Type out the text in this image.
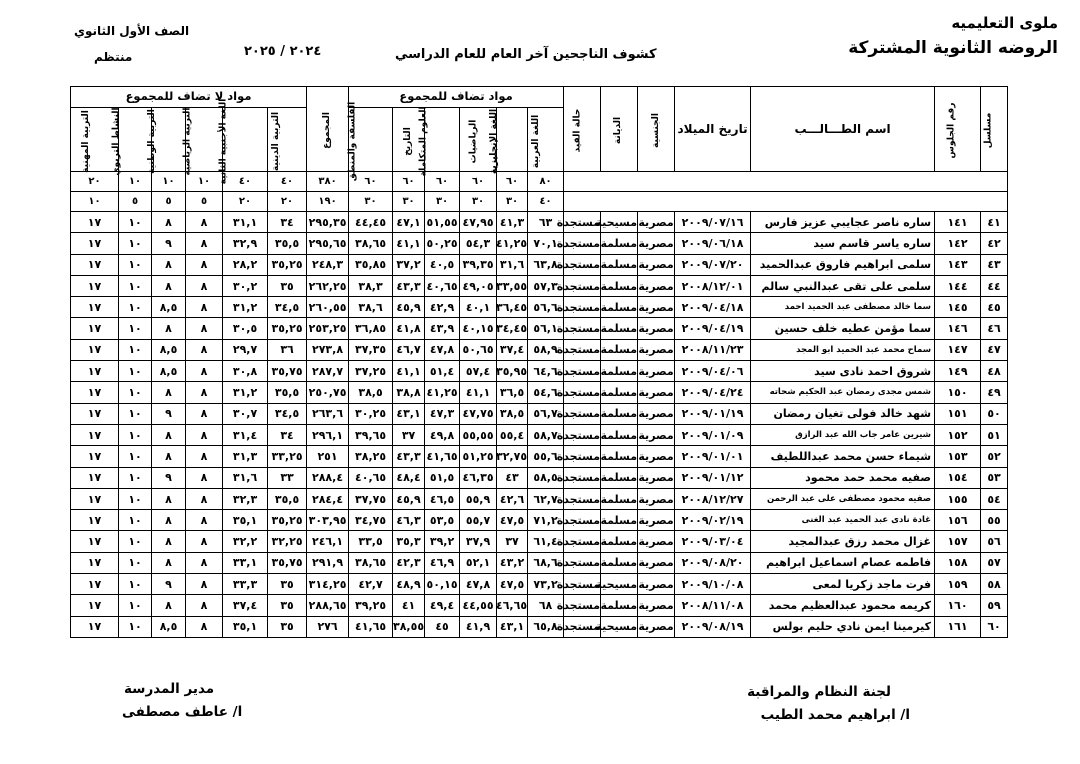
ملوى التعليميه
الروضه الثانوية المشتركة
كشوف الناجحين آخر العام للعام الدراسي
٢٠٢٤ / ٢٠٢٥
الصف الأول الثانوي
منتظم
مسلسل	رقم الجلوس	اسم الطـــالـــب	تاريخ الميلاد	الجنسية	الديانة	حالة القيد	مواد تضاف للمجموع						المجموع	مواد لا تضاف للمجموع					
							اللغة العربية	اللغة الإنجليزية	الرياضيات	العلوم المتكاملة	التاريخ	الفلسفة والمنطق		التربية الدينية	اللغة الأجنبية الثانية	التربية الرياضية	التربية الوطنية	النشاط التربوي	التربية المهنية
							٨٠	٦٠	٦٠	٦٠	٦٠	٦٠	٣٨٠	٤٠	٤٠	١٠	١٠	١٠	٢٠
							٤٠	٣٠	٣٠	٣٠	٣٠	٣٠	١٩٠	٢٠	٢٠	٥	٥	٥	١٠
٤١	١٤١	ساره ناصر عجايبي عزيز فارس	٢٠٠٩/٠٧/١٦	مصرية	مسيحية	مستجدة	٦٣	٤١,٣	٤٧,٩٥	٥١,٥٥	٤٧,١	٤٤,٤٥	٢٩٥,٣٥	٣٤	٣١,١	٨	٨	١٠	١٧
٤٢	١٤٢	ساره ياسر قاسم سيد	٢٠٠٩/٠٦/١٨	مصرية	مسلمة	مستجدة	٧٠,١	٤١,٢٥	٥٤,٣	٥٠,٢٥	٤١,١	٣٨,٦٥	٢٩٥,٦٥	٣٥,٥	٣٢,٩	٨	٩	١٠	١٧
٤٣	١٤٣	سلمى ابراهيم فاروق عبدالحميد	٢٠٠٩/٠٧/٢٠	مصرية	مسلمة	مستجدة	٦٣,٨	٣١,٦	٣٩,٣٥	٤٠,٥	٣٧,٢	٣٥,٨٥	٢٤٨,٣	٣٥,٢٥	٢٨,٢	٨	٨	١٠	١٧
٤٤	١٤٤	سلمى على تقى عبدالنبي سالم	٢٠٠٨/١٢/٠١	مصرية	مسلمة	مستجدة	٥٧,٣	٣٣,٥٥	٤٩,٠٥	٤٠,٦٥	٤٣,٣	٣٨,٣	٢٦٢,٢٥	٣٥	٣٠,٢	٨	٨	١٠	١٧
٤٥	١٤٥	سما خالد مصطفى عبد الحميد احمد	٢٠٠٩/٠٤/١٨	مصرية	مسلمة	مستجدة	٥٦,٦	٣٦,٤٥	٤٠,١	٤٢,٩	٤٥,٩	٣٨,٦	٢٦٠,٥٥	٣٤,٥	٣١,٢	٨	٨,٥	١٠	١٧
٤٦	١٤٦	سما مؤمن عطيه خلف حسين	٢٠٠٩/٠٤/١٩	مصرية	مسلمة	مستجدة	٥٦,١	٣٤,٤٥	٤٠,١٥	٤٣,٩	٤١,٨	٣٦,٨٥	٢٥٣,٢٥	٣٥,٢٥	٣٠,٥	٨	٨	١٠	١٧
٤٧	١٤٧	سماح محمد عبد الحميد ابو المجد	٢٠٠٨/١١/٢٣	مصرية	مسلمة	مستجدة	٥٨,٩	٣٧,٤	٥٠,٦٥	٤٧,٨	٤٦,٧	٣٧,٣٥	٢٧٣,٨	٣٦	٢٩,٧	٨	٨,٥	١٠	١٧
٤٨	١٤٩	شروق احمد نادى سيد	٢٠٠٩/٠٤/٠٦	مصرية	مسلمة	مستجدة	٦٤,٦	٣٥,٩٥	٥٧,٤	٥١,٤	٤١,١	٣٧,٢٥	٢٨٧,٧	٣٥,٧٥	٣٠,٨	٨	٨,٥	١٠	١٧
٤٩	١٥٠	شمس مجدى رمضان عبد الحكيم شحاته	٢٠٠٩/٠٤/٢٤	مصرية	مسلمة	مستجدة	٥٤,٦	٣٦,٥	٤١,١	٤١,٢٥	٣٨,٨	٣٨,٥	٢٥٠,٧٥	٣٥,٥	٣١,٢	٨	٨	١٠	١٧
٥٠	١٥١	شهد خالد فولى تغيان رمضان	٢٠٠٩/٠١/١٩	مصرية	مسلمة	مستجدة	٥٦,٧	٣٨,٥	٤٧,٧٥	٤٧,٣	٤٣,١	٣٠,٢٥	٢٦٣,٦	٣٤,٥	٣٠,٧	٨	٩	١٠	١٧
٥١	١٥٢	شيرين عامر جاب الله عبد الرازق	٢٠٠٩/٠١/٠٩	مصرية	مسلمة	مستجدة	٥٨,٧	٥٥,٤	٥٥,٥٥	٤٩,٨	٣٧	٣٩,٦٥	٢٩٦,١	٣٤	٣١,٤	٨	٨	١٠	١٧
٥٢	١٥٣	شيماء حسن محمد عبداللطيف	٢٠٠٩/٠١/٠١	مصرية	مسلمة	مستجدة	٥٥,٦	٣٢,٧٥	٥١,٢٥	٤١,٦٥	٤٣,٣	٣٨,٢٥	٢٥١	٣٣,٢٥	٣١,٣	٨	٨	١٠	١٧
٥٣	١٥٤	صفيه محمد حمد محمود	٢٠٠٩/٠١/١٢	مصرية	مسلمة	مستجدة	٥٨,٥	٤٣	٤٦,٣٥	٥١,٥	٤٨,٤	٤٠,٦٥	٢٨٨,٤	٣٣	٣١,٦	٨	٩	١٠	١٧
٥٤	١٥٥	صفيه محمود مصطفى على عبد الرحمن	٢٠٠٨/١٢/٢٧	مصرية	مسلمة	مستجدة	٦٢,٧	٤٢,٦	٥٥,٩	٤٦,٥	٤٥,٩	٣٧,٧٥	٢٨٤,٤	٣٥,٥	٣٢,٣	٨	٨	١٠	١٧
٥٥	١٥٦	غادة نادى عبد الحميد عبد الغنى	٢٠٠٩/٠٢/١٩	مصرية	مسلمة	مستجدة	٧١,٢	٤٧,٥	٥٥,٧	٥٣,٥	٤٦,٣	٣٤,٧٥	٣٠٣,٩٥	٣٥,٢٥	٣٥,١	٨	٨	١٠	١٧
٥٦	١٥٧	غزال محمد رزق عبدالمجيد	٢٠٠٩/٠٣/٠٤	مصرية	مسلمة	مستجدة	٦١,٤	٣٧	٣٧,٩	٣٩,٢	٣٥,٣	٣٣,٥	٢٤٦,١	٣٢,٢٥	٣٢,٢	٨	٨	١٠	١٧
٥٧	١٥٨	فاطمه عصام اسماعيل ابراهيم	٢٠٠٩/٠٨/٢٠	مصرية	مسلمة	مستجدة	٦٨,٦	٤٣,٢	٥٢,١	٤٦,٩	٤٢,٣	٣٨,٦٥	٢٩١,٩	٣٥,٧٥	٣٣,١	٨	٨	١٠	١٧
٥٨	١٥٩	فرت ماجد زكريا لمعى	٢٠٠٩/١٠/٠٨	مصرية	مسيحية	مستجدة	٧٣,٢	٤٧,٥	٤٧,٨	٥٠,١٥	٤٨,٩	٤٢,٧	٣١٤,٢٥	٣٥	٣٣,٣	٨	٩	١٠	١٧
٥٩	١٦٠	كريمه محمود عبدالعظيم محمد	٢٠٠٨/١١/٠٨	مصرية	مسلمة	مستجدة	٦٨	٤٦,٦٥	٤٤,٥٥	٤٩,٤	٤١	٣٩,٢٥	٢٨٨,٦٥	٣٥	٣٧,٤	٨	٨	١٠	١٧
٦٠	١٦١	كيرمينا ايمن نادي حليم بولس	٢٠٠٩/٠٨/١٩	مصرية	مسيحية	مستجدة	٦٥,٨	٤٣,١	٤١,٩	٤٥	٣٨,٥٥	٤١,٦٥	٢٧٦	٣٥	٣٥,١	٨	٨,٥	١٠	١٧
لجنة النظام والمراقبة
ا/ ابراهيم محمد الطيب
مدير المدرسة
ا/ عاطف مصطفى
